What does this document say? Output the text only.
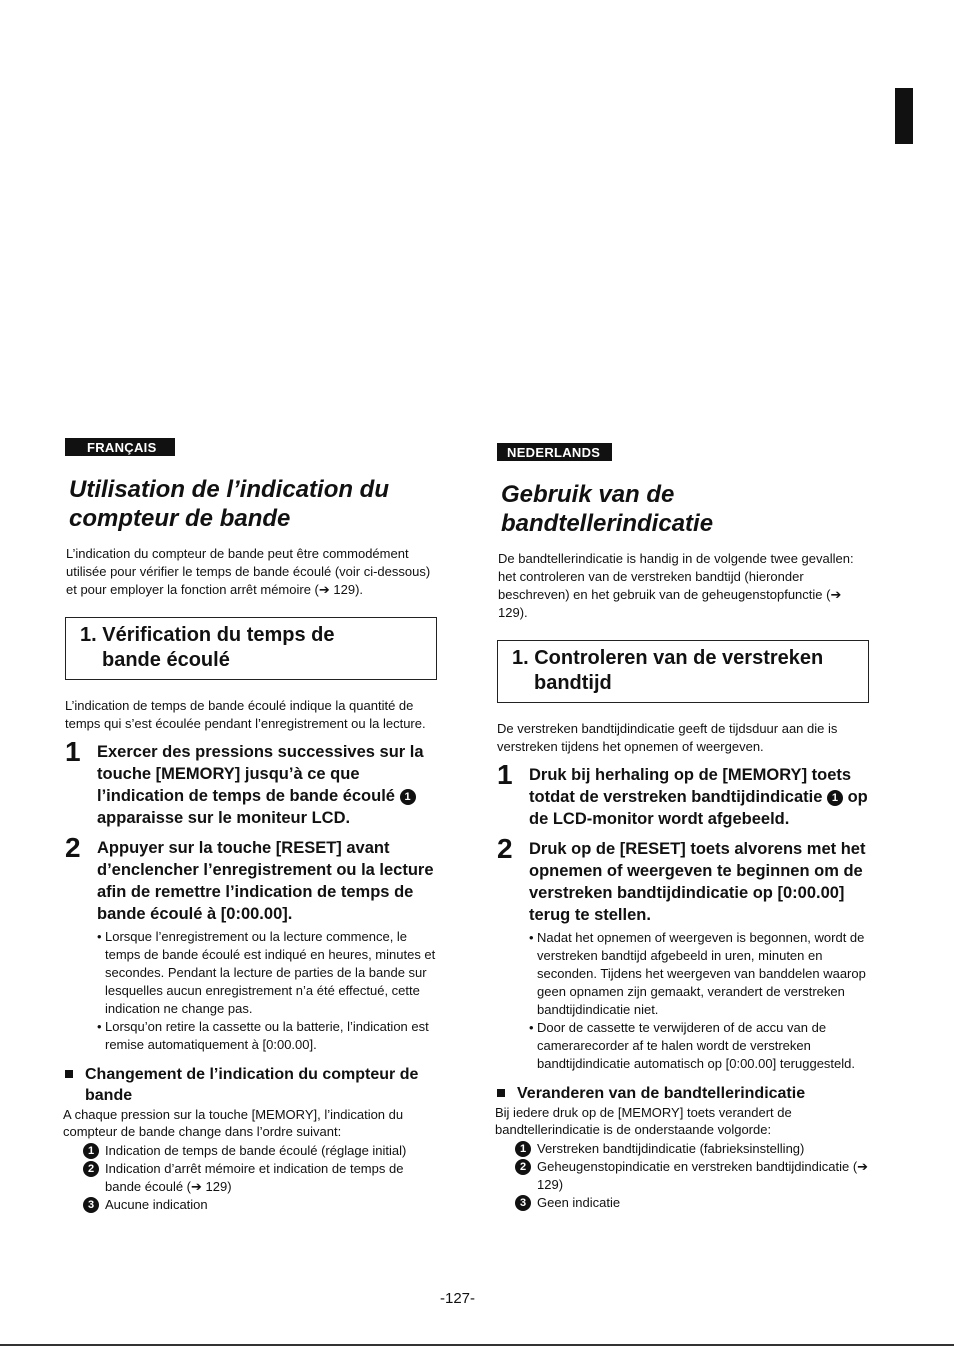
FRANÇAIS
Utilisation de l’indication du
compteur de bande
L’indication du compteur de bande peut être commodément utilisée pour vérifier le temps de bande écoulé (voir ci-dessous) et pour employer la fonction arrêt mémoire (➔ 129).
1. Vérification du temps de
bande écoulé
L’indication de temps de bande écoulé indique la quantité de temps qui s’est écoulée pendant l’enregistrement ou la lecture.
1 Exercer des pressions successives sur la touche [MEMORY] jusqu’à ce que l’indication de temps de bande écoulé 1 apparaisse sur le moniteur LCD.
2 Appuyer sur la touche [RESET] avant d’enclencher l’enregistrement ou la lecture afin de remettre l’indication de temps de bande écoulé à [0:00.00].
• Lorsque l’enregistrement ou la lecture commence, le temps de bande écoulé est indiqué en heures, minutes et secondes. Pendant la lecture de parties de la bande sur lesquelles aucun enregistrement n’a été effectué, cette indication ne change pas.
• Lorsqu’on retire la cassette ou la batterie, l’indication est remise automatiquement à [0:00.00].
Changement de l’indication du compteur de bande
A chaque pression sur la touche [MEMORY], l’indication du compteur de bande change dans l’ordre suivant:
1 Indication de temps de bande écoulé (réglage initial)
2 Indication d’arrêt mémoire et indication de temps de bande écoulé (➔ 129)
3 Aucune indication
NEDERLANDS
Gebruik van de
bandtellerindicatie
De bandtellerindicatie is handig in de volgende twee gevallen: het controleren van de verstreken bandtijd (hieronder beschreven) en het gebruik van de geheugenstopfunctie (➔ 129).
1. Controleren van de verstreken
bandtijd
De verstreken bandtijdindicatie geeft de tijdsduur aan die is verstreken tijdens het opnemen of weergeven.
1 Druk bij herhaling op de [MEMORY] toets totdat de verstreken bandtijdindicatie 1 op de LCD-monitor wordt afgebeeld.
2 Druk op de [RESET] toets alvorens met het opnemen of weergeven te beginnen om de verstreken bandtijdindicatie op [0:00.00] terug te stellen.
• Nadat het opnemen of weergeven is begonnen, wordt de verstreken bandtijd afgebeeld in uren, minuten en seconden. Tijdens het weergeven van banddelen waarop geen opnamen zijn gemaakt, verandert de verstreken bandtijdindicatie niet.
• Door de cassette te verwijderen of de accu van de camerarecorder af te halen wordt de verstreken bandtijdindicatie automatisch op [0:00.00] teruggesteld.
Veranderen van de bandtellerindicatie
Bij iedere druk op de [MEMORY] toets verandert de bandtellerindicatie is de onderstaande volgorde:
1 Verstreken bandtijdindicatie (fabrieksinstelling)
2 Geheugenstopindicatie en verstreken bandtijdindicatie (➔ 129)
3 Geen indicatie
-127-
